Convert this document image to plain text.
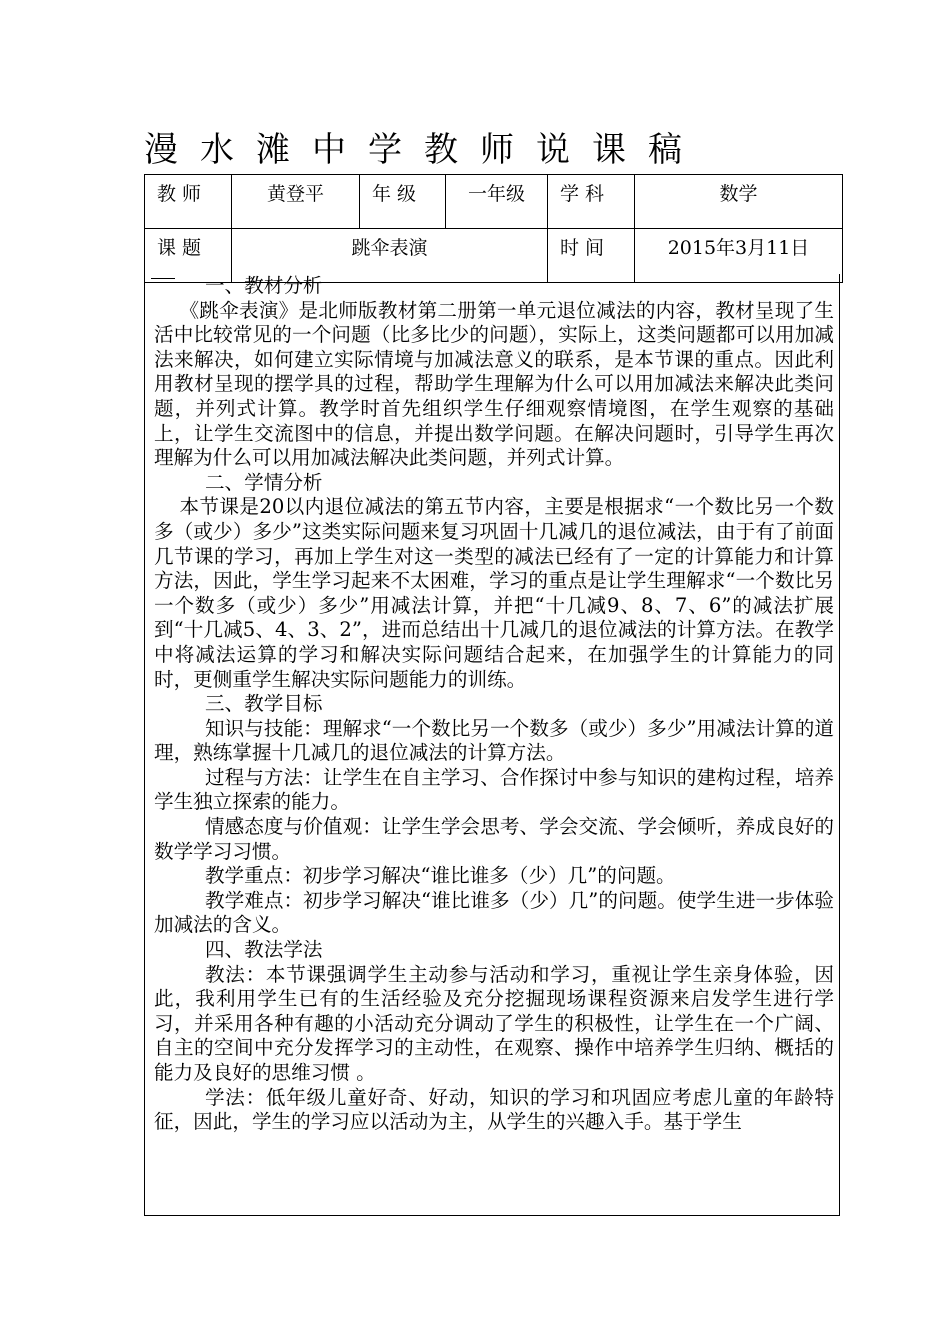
漫水滩中学教师说课稿
教 师	黄登平	年 级	一年级	学 科	数学
课 题	跳伞表演			时 间	2015年3月11日

一、教材分析

《跳伞表演》是北师版教材第二册第一单元退位减法的内容，教材呈现了生活中比较常见的一个问题（比多比少的问题），实际上，这类问题都可以用加减法来解决，如何建立实际情境与加减法意义的联系，是本节课的重点。因此利用教材呈现的摆学具的过程，帮助学生理解为什么可以用加减法来解决此类问题，并列式计算。教学时首先组织学生仔细观察情境图，在学生观察的基础上，让学生交流图中的信息，并提出数学问题。在解决问题时，引导学生再次理解为什么可以用加减法解决此类问题，并列式计算。

二、学情分析

本节课是20以内退位减法的第五节内容，主要是根据求“一个数比另一个数多（或少）多少”这类实际问题来复习巩固十几减几的退位减法，由于有了前面几节课的学习，再加上学生对这一类型的减法已经有了一定的计算能力和计算方法，因此，学生学习起来不太困难，学习的重点是让学生理解求“一个数比另一个数多（或少）多少”用减法计算，并把“十几减9、8、7、6”的减法扩展到“十几减5、4、3、2”，进而总结出十几减几的退位减法的计算方法。在教学中将减法运算的学习和解决实际问题结合起来，在加强学生的计算能力的同时，更侧重学生解决实际问题能力的训练。

三、教学目标

知识与技能：理解求“一个数比另一个数多（或少）多少”用减法计算的道理，熟练掌握十几减几的退位减法的计算方法。

过程与方法：让学生在自主学习、合作探讨中参与知识的建构过程，培养学生独立探索的能力。

情感态度与价值观：让学生学会思考、学会交流、学会倾听，养成良好的数学学习习惯。

教学重点：初步学习解决“谁比谁多（少）几”的问题。

教学难点：初步学习解决“谁比谁多（少）几”的问题。使学生进一步体验加减法的含义。

四、教法学法

教法：本节课强调学生主动参与活动和学习，重视让学生亲身体验，因此，我利用学生已有的生活经验及充分挖掘现场课程资源来启发学生进行学习，并采用各种有趣的小活动充分调动了学生的积极性，让学生在一个广阔、自主的空间中充分发挥学习的主动性，在观察、操作中培养学生归纳、概括的能力及良好的思维习惯 。

学法：低年级儿童好奇、好动，知识的学习和巩固应考虑儿童的年龄特征，因此，学生的学习应以活动为主，从学生的兴趣入手。基于学生
